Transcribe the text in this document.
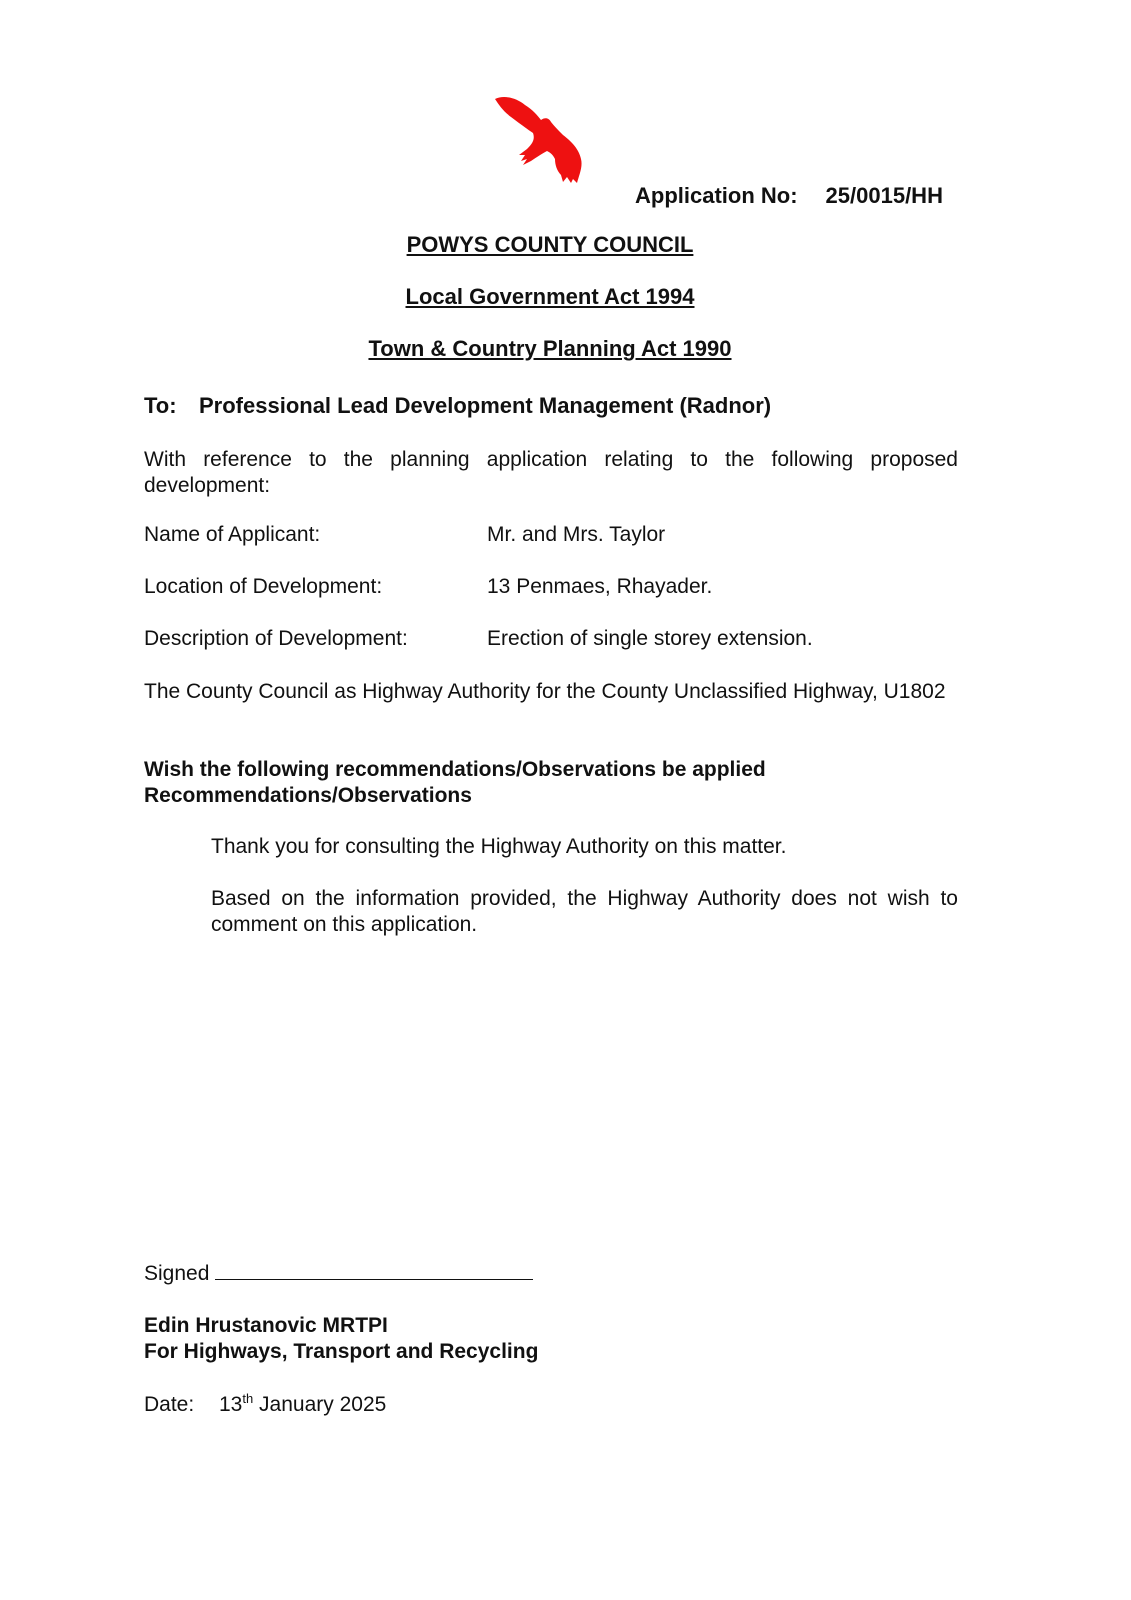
Application No: 25/0015/HH
POWYS COUNTY COUNCIL
Local Government Act 1994
Town & Country Planning Act 1990
To: Professional Lead Development Management (Radnor)
With reference to the planning application relating to the following proposed development:
Name of Applicant:	Mr. and Mrs. Taylor
Location of Development:	13 Penmaes, Rhayader.
Description of Development:	Erection of single storey extension.
The County Council as Highway Authority for the County Unclassified Highway, U1802
Wish the following recommendations/Observations be applied
Recommendations/Observations
Thank you for consulting the Highway Authority on this matter.
Based on the information provided, the Highway Authority does not wish to comment on this application.
Signed
Edin Hrustanovic MRTPI
For Highways, Transport and Recycling
Date: 13th January 2025
